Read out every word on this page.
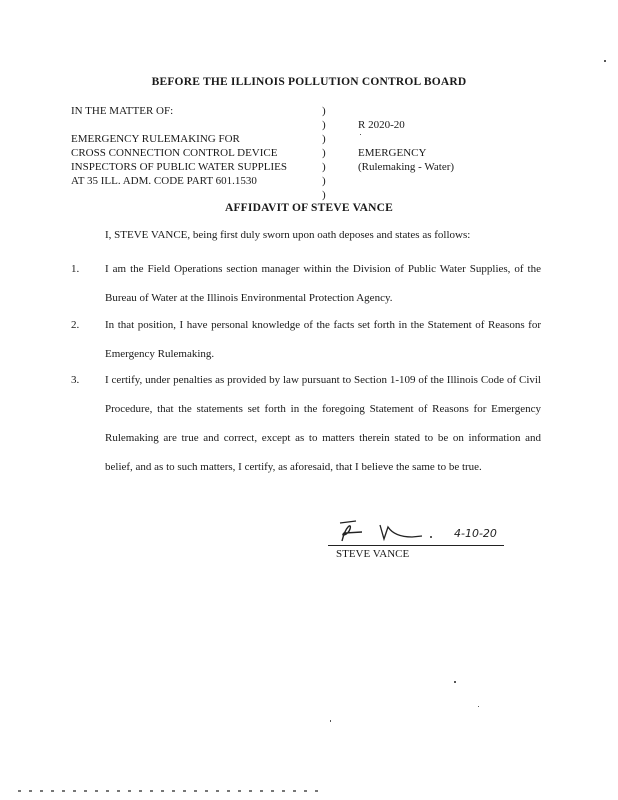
BEFORE THE ILLINOIS POLLUTION CONTROL BOARD
IN THE MATTER OF:

EMERGENCY RULEMAKING FOR
CROSS CONNECTION CONTROL DEVICE
INSPECTORS OF PUBLIC WATER SUPPLIES
AT 35 ILL. ADM. CODE PART 601.1530
)
)
)
)
)
)
)

R 2020-20

EMERGENCY
(Rulemaking - Water)
AFFIDAVIT OF STEVE VANCE
I, STEVE VANCE, being first duly sworn upon oath deposes and states as follows:
1. I am the Field Operations section manager within the Division of Public Water Supplies, of the Bureau of Water at the Illinois Environmental Protection Agency.
2. In that position, I have personal knowledge of the facts set forth in the Statement of Reasons for Emergency Rulemaking.
3. I certify, under penalties as provided by law pursuant to Section 1-109 of the Illinois Code of Civil Procedure, that the statements set forth in the foregoing Statement of Reasons for Emergency Rulemaking are true and correct, except as to matters therein stated to be on information and belief, and as to such matters, I certify, as aforesaid, that I believe the same to be true.
4-10-20
STEVE VANCE
